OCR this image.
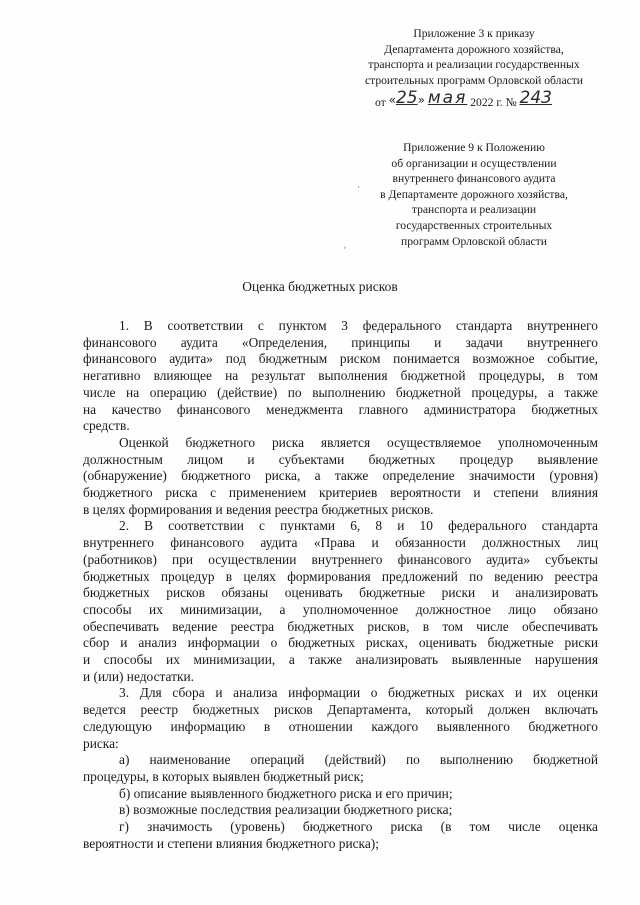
Приложение 3 к приказу
Департамента дорожного хозяйства,
транспорта и реализации государственных
строительных программ Орловской области
от «25» мая 2022 г. № 243
Приложение 9 к Положению
об организации и осуществлении
внутреннего финансового аудита
в Департаменте дорожного хозяйства,
транспорта и реализации
государственных строительных
программ Орловской области
·
ʹ
Оценка бюджетных рисков

1. В соответствии с пунктом 3 федерального стандарта внутреннего

финансового аудита «Определения, принципы и задачи внутреннего

финансового аудита» под бюджетным риском понимается возможное событие,

негативно влияющее на результат выполнения бюджетной процедуры, в том

числе на операцию (действие) по выполнению бюджетной процедуры, а также

на качество финансового менеджмента главного администратора бюджетных

средств.

Оценкой бюджетного риска является осуществляемое уполномоченным

должностным лицом и субъектами бюджетных процедур выявление

(обнаружение) бюджетного риска, а также определение значимости (уровня)

бюджетного риска с применением критериев вероятности и степени влияния

в целях формирования и ведения реестра бюджетных рисков.

2. В соответствии с пунктами 6, 8 и 10 федерального стандарта

внутреннего финансового аудита «Права и обязанности должностных лиц

(работников) при осуществлении внутреннего финансового аудита» субъекты

бюджетных процедур в целях формирования предложений по ведению реестра

бюджетных рисков обязаны оценивать бюджетные риски и анализировать

способы их минимизации, а уполномоченное должностное лицо обязано

обеспечивать ведение реестра бюджетных рисков, в том числе обеспечивать

сбор и анализ информации о бюджетных рисках, оценивать бюджетные риски

и способы их минимизации, а также анализировать выявленные нарушения

и (или) недостатки.

3. Для сбора и анализа информации о бюджетных рисках и их оценки

ведется реестр бюджетных рисков Департамента, который должен включать

следующую информацию в отношении каждого выявленного бюджетного

риска:

а) наименование операций (действий) по выполнению бюджетной

процедуры, в которых выявлен бюджетный риск;

б) описание выявленного бюджетного риска и его причин;

в) возможные последствия реализации бюджетного риска;

г) значимость (уровень) бюджетного риска (в том числе оценка

вероятности и степени влияния бюджетного риска);
